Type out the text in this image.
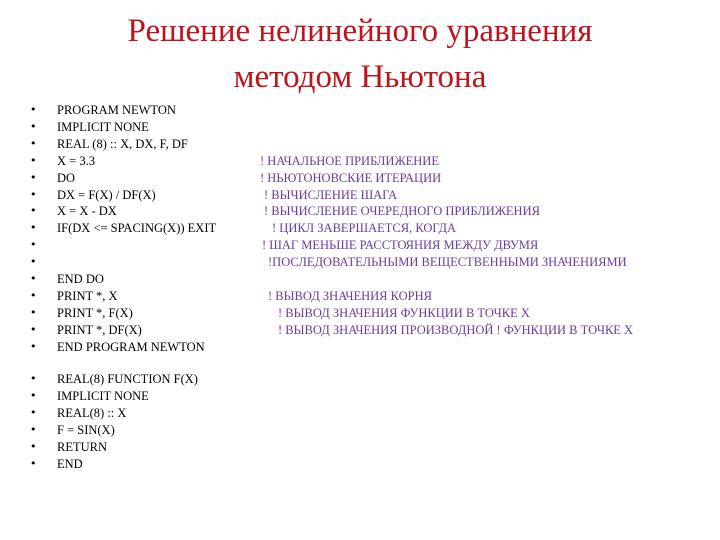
Решение нелинейного уравнения
методом Ньютона
• PROGRAM NEWTON
• IMPLICIT NONE
• REAL (8) :: X, DX, F, DF
• X = 3.3	! НАЧАЛЬНОЕ ПРИБЛИЖЕНИЕ
• DO	! НЬЮТОНОВСКИЕ ИТЕРАЦИИ
• DX = F(X) / DF(X)	! ВЫЧИСЛЕНИЕ ШАГА
• X = X - DX	! ВЫЧИСЛЕНИЕ ОЧЕРЕДНОГО ПРИБЛИЖЕНИЯ
• IF(DX <= SPACING(X)) EXIT	! ЦИКЛ ЗАВЕРШАЕТСЯ, КОГДА
•	! ШАГ МЕНЬШЕ РАССТОЯНИЯ МЕЖДУ ДВУМЯ
•	!ПОСЛЕДОВАТЕЛЬНЫМИ ВЕЩЕСТВЕННЫМИ ЗНАЧЕНИЯМИ
• END DO
• PRINT *, X	! ВЫВОД ЗНАЧЕНИЯ КОРНЯ
• PRINT *, F(X)	! ВЫВОД ЗНАЧЕНИЯ ФУНКЦИИ В ТОЧКЕ X
• PRINT *, DF(X)	! ВЫВОД ЗНАЧЕНИЯ ПРОИЗВОДНОЙ ! ФУНКЦИИ В ТОЧКЕ X
• END PROGRAM NEWTON
• REAL(8) FUNCTION F(X)
• IMPLICIT NONE
• REAL(8) :: X
• F = SIN(X)
• RETURN
• END
